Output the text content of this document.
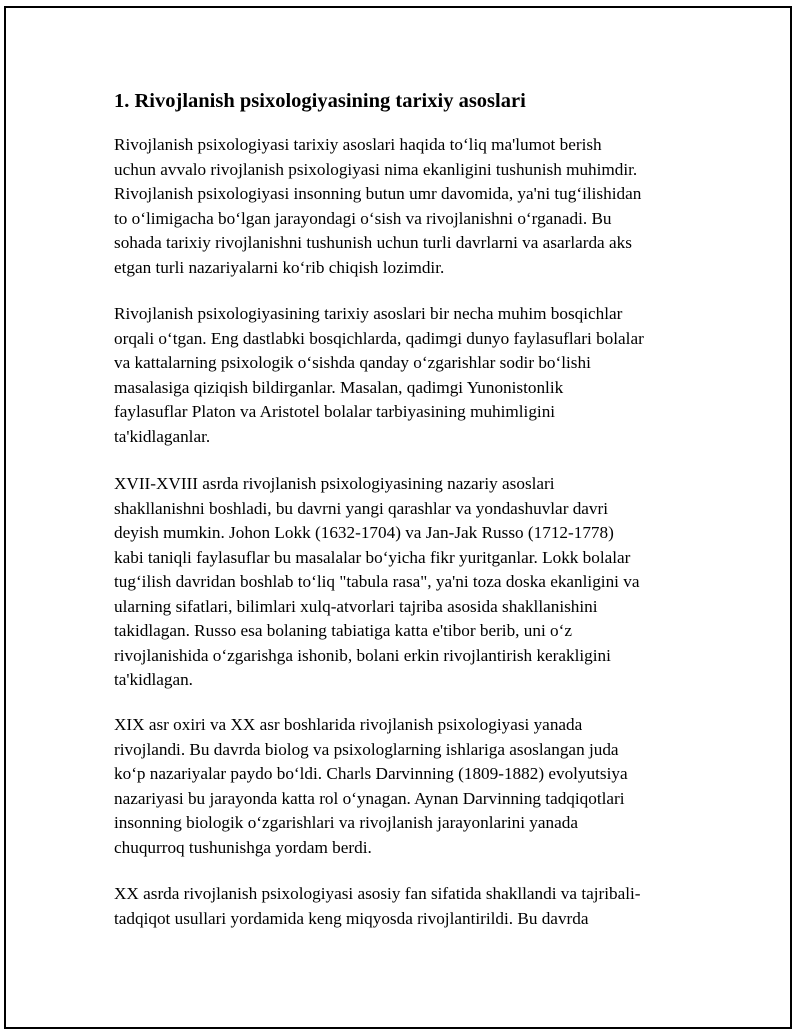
1. Rivojlanish psixologiyasining tarixiy asoslari

Rivojlanish psixologiyasi tarixiy asoslari haqida to‘liq ma'lumot berish
uchun avvalo rivojlanish psixologiyasi nima ekanligini tushunish muhimdir.
Rivojlanish psixologiyasi insonning butun umr davomida, ya'ni tug‘ilishidan
to o‘limigacha bo‘lgan jarayondagi o‘sish va rivojlanishni o‘rganadi. Bu
sohada tarixiy rivojlanishni tushunish uchun turli davrlarni va asarlarda aks
etgan turli nazariyalarni ko‘rib chiqish lozimdir.

Rivojlanish psixologiyasining tarixiy asoslari bir necha muhim bosqichlar
orqali o‘tgan. Eng dastlabki bosqichlarda, qadimgi dunyo faylasuflari bolalar
va kattalarning psixologik o‘sishda qanday o‘zgarishlar sodir bo‘lishi
masalasiga qiziqish bildirganlar. Masalan, qadimgi Yunonistonlik
faylasuflar Platon va Aristotel bolalar tarbiyasining muhimligini
ta'kidlaganlar.

XVII-XVIII asrda rivojlanish psixologiyasining nazariy asoslari
shakllanishni boshladi, bu davrni yangi qarashlar va yondashuvlar davri
deyish mumkin. Johon Lokk (1632-1704) va Jan-Jak Russo (1712-1778)
kabi taniqli faylasuflar bu masalalar bo‘yicha fikr yuritganlar. Lokk bolalar
tug‘ilish davridan boshlab to‘liq "tabula rasa", ya'ni toza doska ekanligini va
ularning sifatlari, bilimlari xulq-atvorlari tajriba asosida shakllanishini
takidlagan. Russo esa bolaning tabiatiga katta e'tibor berib, uni o‘z
rivojlanishida o‘zgarishga ishonib, bolani erkin rivojlantirish kerakligini
ta'kidlagan.

XIX asr oxiri va XX asr boshlarida rivojlanish psixologiyasi yanada
rivojlandi. Bu davrda biolog va psixologlarning ishlariga asoslangan juda
ko‘p nazariyalar paydo bo‘ldi. Charls Darvinning (1809-1882) evolyutsiya
nazariyasi bu jarayonda katta rol o‘ynagan. Aynan Darvinning tadqiqotlari
insonning biologik o‘zgarishlari va rivojlanish jarayonlarini yanada
chuqurroq tushunishga yordam berdi.

XX asrda rivojlanish psixologiyasi asosiy fan sifatida shakllandi va tajribali-
tadqiqot usullari yordamida keng miqyosda rivojlantirildi. Bu davrda
